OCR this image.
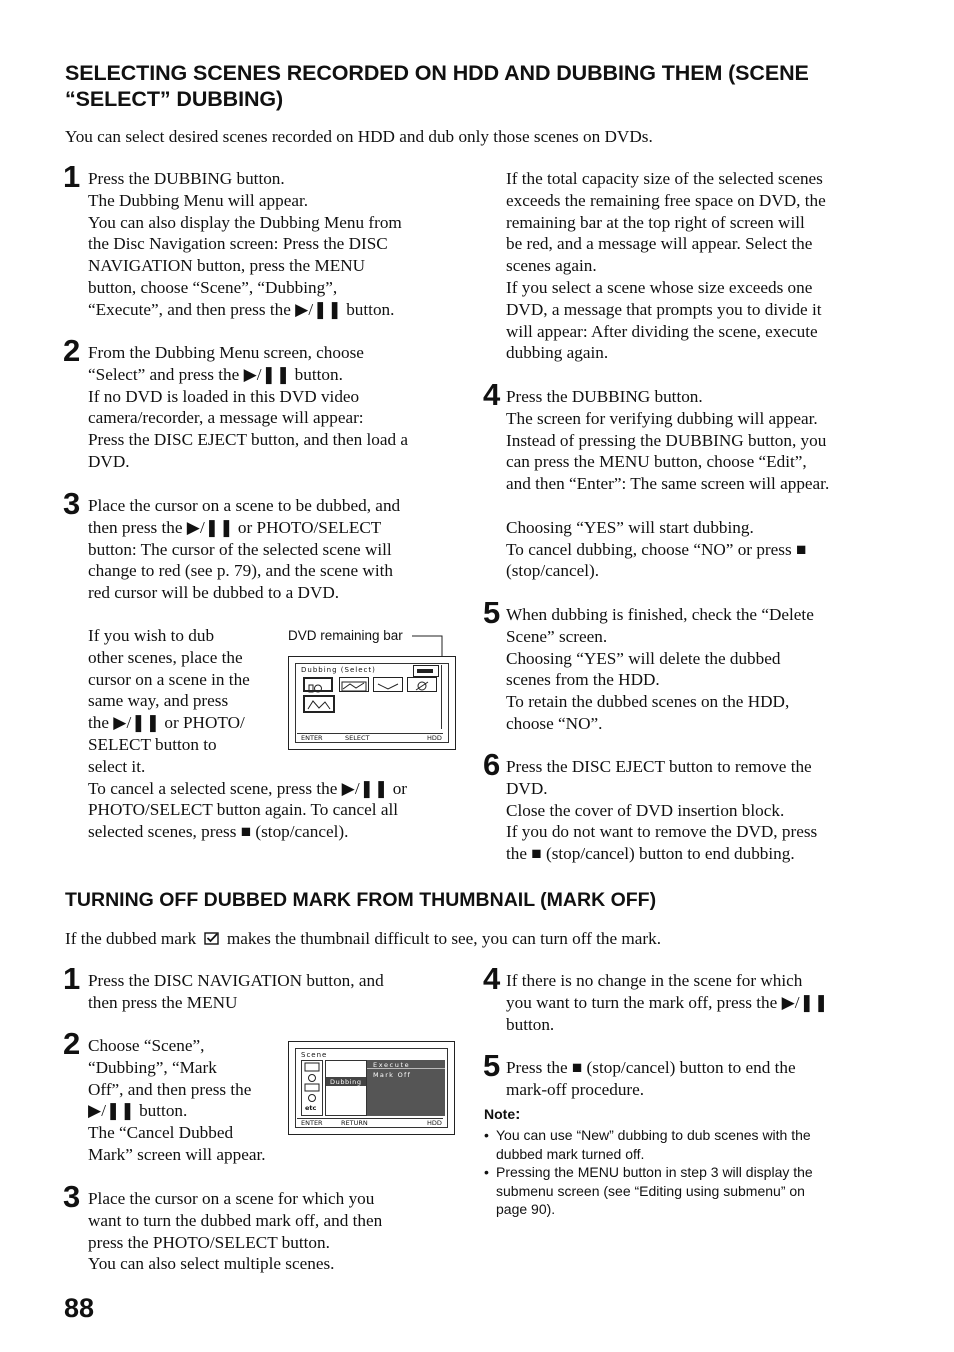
SELECTING SCENES RECORDED ON HDD AND DUBBING THEM (SCENE
“SELECT” DUBBING)
You can select desired scenes recorded on HDD and dub only those scenes on DVDs.
1 Press the DUBBING button.
The Dubbing Menu will appear.
You can also display the Dubbing Menu from
the Disc Navigation screen: Press the DISC
NAVIGATION button, press the MENU
button, choose “Scene”, “Dubbing”,
“Execute”, and then press the ▶/❚❚ button.
2 From the Dubbing Menu screen, choose
“Select” and press the ▶/❚❚ button.
If no DVD is loaded in this DVD video
camera/recorder, a message will appear:
Press the DISC EJECT button, and then load a
DVD.
3 Place the cursor on a scene to be dubbed, and
then press the ▶/❚❚ or PHOTO/SELECT
button: The cursor of the selected scene will
change to red (see p. 79), and the scene with
red cursor will be dubbed to a DVD.
If you wish to dub
other scenes, place the
cursor on a scene in the
same way, and press
the ▶/❚❚ or PHOTO/
SELECT button to
select it.
To cancel a selected scene, press the ▶/❚❚ or
PHOTO/SELECT button again. To cancel all
selected scenes, press ■ (stop/cancel).
DVD remaining bar
Dubbing (Select)
ENTER	SELECT	HDD
If the total capacity size of the selected scenes
exceeds the remaining free space on DVD, the
remaining bar at the top right of screen will
be red, and a message will appear. Select the
scenes again.
If you select a scene whose size exceeds one
DVD, a message that prompts you to divide it
will appear: After dividing the scene, execute
dubbing again.
4 Press the DUBBING button.
The screen for verifying dubbing will appear.
Instead of pressing the DUBBING button, you
can press the MENU button, choose “Edit”,
and then “Enter”: The same screen will appear.
Choosing “YES” will start dubbing.
To cancel dubbing, choose “NO” or press ■
(stop/cancel).
5 When dubbing is finished, check the “Delete
Scene” screen.
Choosing “YES” will delete the dubbed
scenes from the HDD.
To retain the dubbed scenes on the HDD,
choose “NO”.
6 Press the DISC EJECT button to remove the
DVD.
Close the cover of DVD insertion block.
If you do not want to remove the DVD, press
the ■ (stop/cancel) button to end dubbing.
TURNING OFF DUBBED MARK FROM THUMBNAIL (MARK OFF)
If the dubbed mark makes the thumbnail difficult to see, you can turn off the mark.
1 Press the DISC NAVIGATION button, and
then press the MENU
2 Choose “Scene”,
“Dubbing”, “Mark
Off”, and then press the
▶/❚❚ button.
The “Cancel Dubbed
Mark” screen will appear.
Scene
etc
Dubbing
Execute
Mark Off
ENTER	RETURN	HDD
3 Place the cursor on a scene for which you
want to turn the dubbed mark off, and then
press the PHOTO/SELECT button.
You can also select multiple scenes.
4 If there is no change in the scene for which
you want to turn the mark off, press the ▶/❚❚
button.
5 Press the ■ (stop/cancel) button to end the
mark-off procedure.
Note:
• You can use “New” dubbing to dub scenes with the
dubbed mark turned off.
• Pressing the MENU button in step 3 will display the
submenu screen (see “Editing using submenu” on
page 90).
88
